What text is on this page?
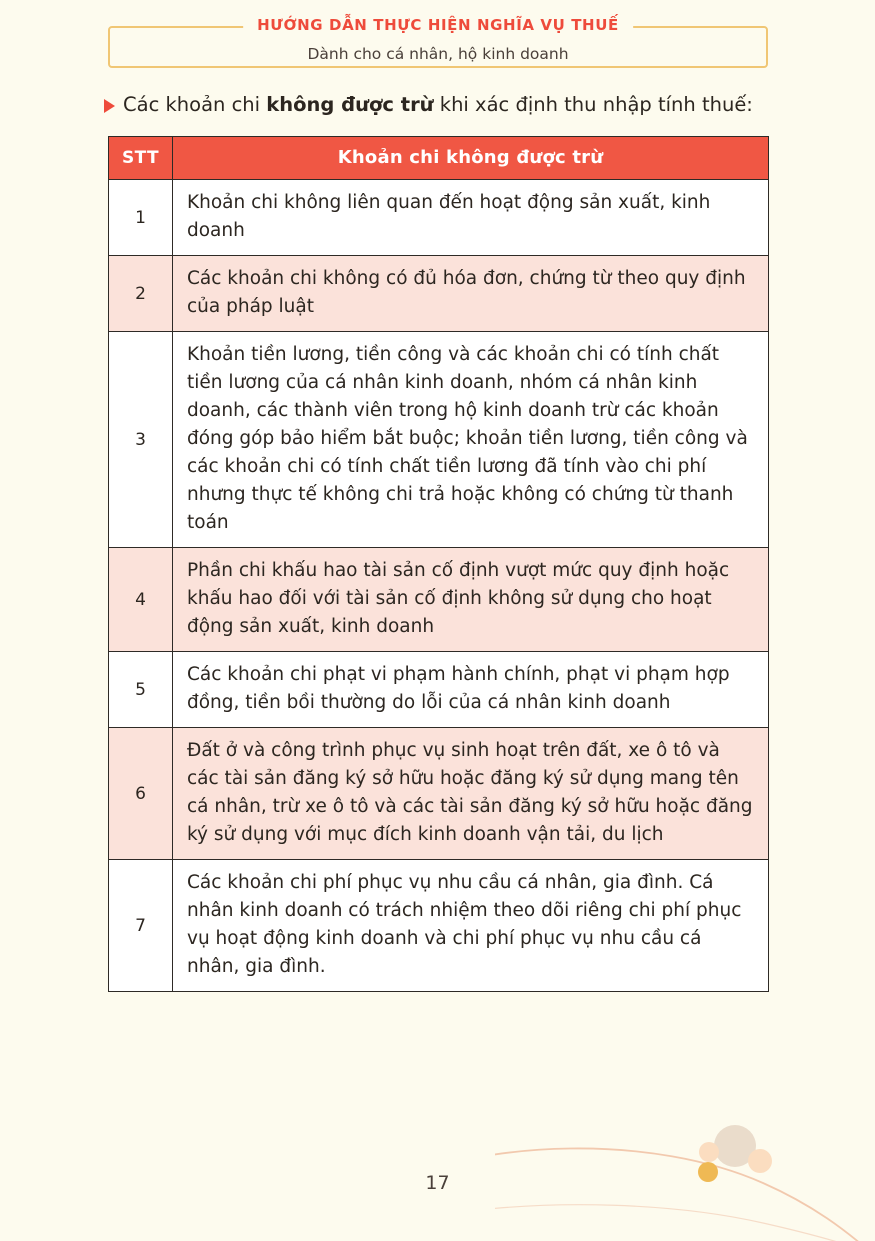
Dành cho cá nhân, hộ kinh doanh
HƯỚNG DẪN THỰC HIỆN NGHĨA VỤ THUẾ
Các khoản chi không được trừ khi xác định thu nhập tính thuế:
STT	Khoản chi không được trừ
1	Khoản chi không liên quan đến hoạt động sản xuất, kinh doanh
2	Các khoản chi không có đủ hóa đơn, chứng từ theo quy định của pháp luật
3	Khoản tiền lương, tiền công và các khoản chi có tính chất tiền lương của cá nhân kinh doanh, nhóm cá nhân kinh doanh, các thành viên trong hộ kinh doanh trừ các khoản đóng góp bảo hiểm bắt buộc; khoản tiền lương, tiền công và các khoản chi có tính chất tiền lương đã tính vào chi phí nhưng thực tế không chi trả hoặc không có chứng từ thanh toán
4	Phần chi khấu hao tài sản cố định vượt mức quy định hoặc khấu hao đối với tài sản cố định không sử dụng cho hoạt động sản xuất, kinh doanh
5	Các khoản chi phạt vi phạm hành chính, phạt vi phạm hợp đồng, tiền bồi thường do lỗi của cá nhân kinh doanh
6	Đất ở và công trình phục vụ sinh hoạt trên đất, xe ô tô và các tài sản đăng ký sở hữu hoặc đăng ký sử dụng mang tên cá nhân, trừ xe ô tô và các tài sản đăng ký sở hữu hoặc đăng ký sử dụng với mục đích kinh doanh vận tải, du lịch
7	Các khoản chi phí phục vụ nhu cầu cá nhân, gia đình. Cá nhân kinh doanh có trách nhiệm theo dõi riêng chi phí phục vụ hoạt động kinh doanh và chi phí phục vụ nhu cầu cá nhân, gia đình.
17
